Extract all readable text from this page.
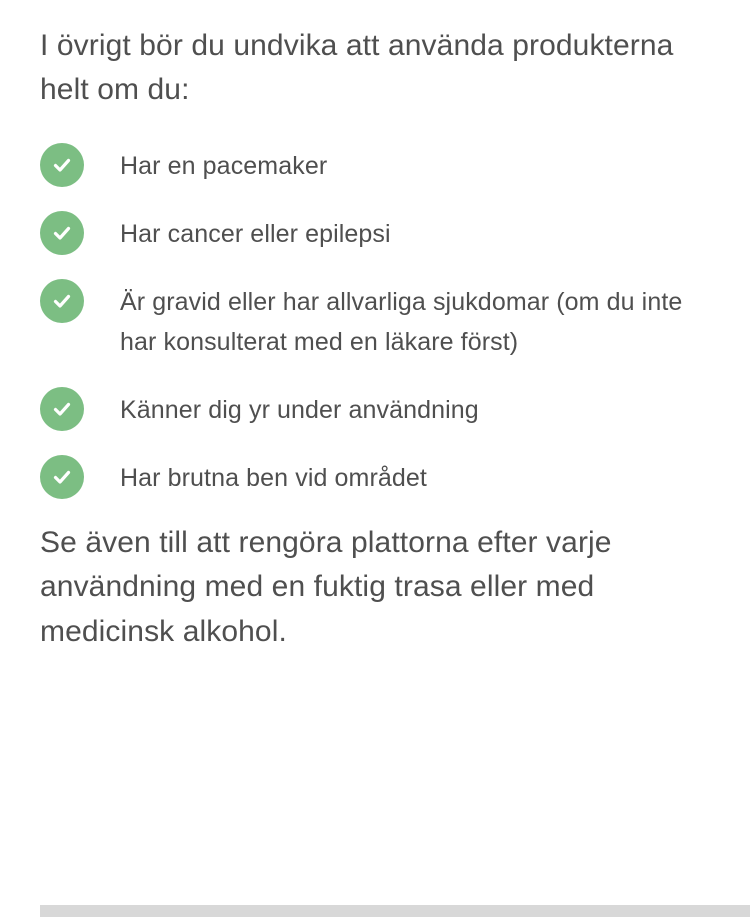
I övrigt bör du undvika att använda produkterna helt om du:

Har en pacemaker
Har cancer eller epilepsi
Är gravid eller har allvarliga sjukdomar (om du inte har konsulterat med en läkare först)
Känner dig yr under användning
Har brutna ben vid området

Se även till att rengöra plattorna efter varje användning med en fuktig trasa eller med medicinsk alkohol.
